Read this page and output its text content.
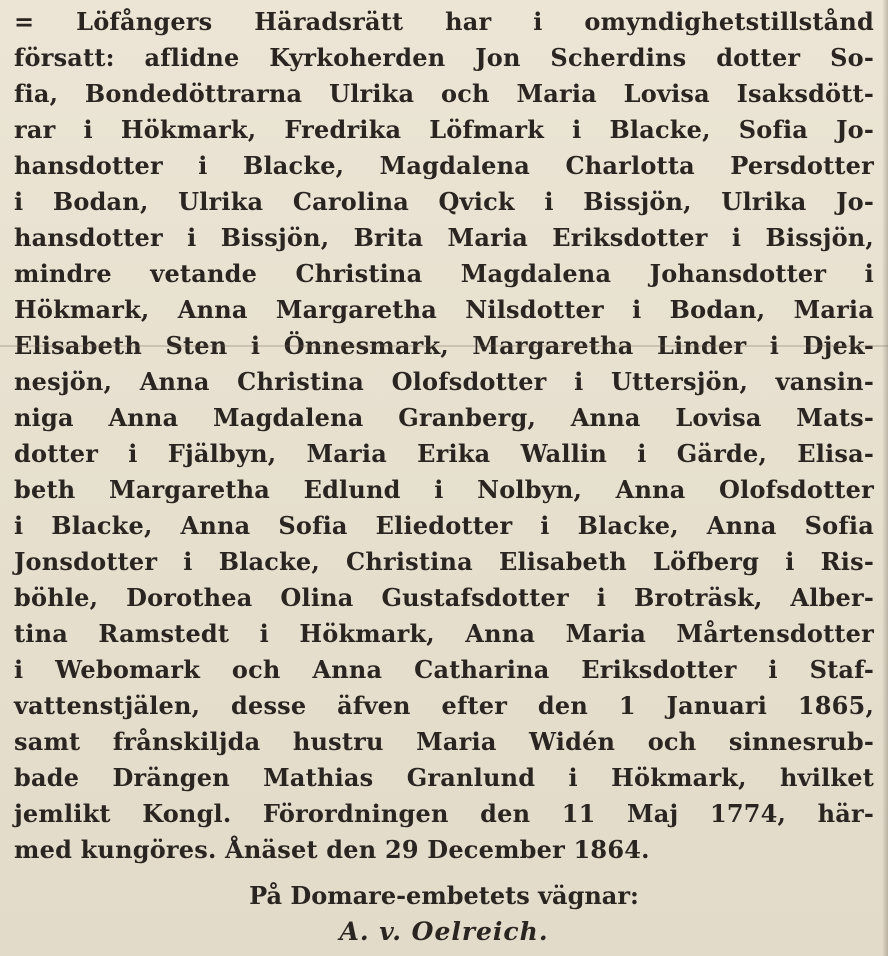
= Löfångers Häradsrätt har i omyndighetstillstånd
försatt: aflidne Kyrkoherden Jon Scherdins dotter So-
fia, Bondedöttrarna Ulrika och Maria Lovisa Isaksdött-
rar i Hökmark, Fredrika Löfmark i Blacke, Sofia Jo-
hansdotter i Blacke, Magdalena Charlotta Persdotter
i Bodan, Ulrika Carolina Qvick i Bissjön, Ulrika Jo-
hansdotter i Bissjön, Brita Maria Eriksdotter i Bissjön,
mindre vetande Christina Magdalena Johansdotter i
Hökmark, Anna Margaretha Nilsdotter i Bodan, Maria
Elisabeth Sten i Önnesmark, Margaretha Linder i Djek-
nesjön, Anna Christina Olofsdotter i Uttersjön, vansin-
niga Anna Magdalena Granberg, Anna Lovisa Mats-
dotter i Fjälbyn, Maria Erika Wallin i Gärde, Elisa-
beth Margaretha Edlund i Nolbyn, Anna Olofsdotter
i Blacke, Anna Sofia Eliedotter i Blacke, Anna Sofia
Jonsdotter i Blacke, Christina Elisabeth Löfberg i Ris-
böhle, Dorothea Olina Gustafsdotter i Broträsk, Alber-
tina Ramstedt i Hökmark, Anna Maria Mårtensdotter
i Webomark och Anna Catharina Eriksdotter i Staf-
vattenstjälen, desse äfven efter den 1 Januari 1865,
samt frånskiljda hustru Maria Widén och sinnesrub-
bade Drängen Mathias Granlund i Hökmark, hvilket
jemlikt Kongl. Förordningen den 11 Maj 1774, här-
med kungöres. Ånäset den 29 December 1864.
På Domare-embetets vägnar:
A. v. Oelreich.
